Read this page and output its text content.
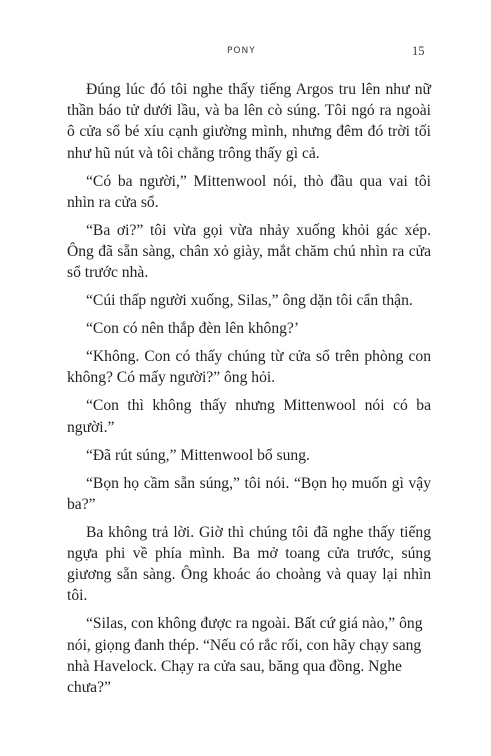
PONY	15

Đúng lúc đó tôi nghe thấy tiếng Argos tru lên như nữ thần báo tử dưới lầu, và ba lên cò súng. Tôi ngó ra ngoài ô cửa sổ bé xíu cạnh giường mình, nhưng đêm đó trời tối như hũ nút và tôi chẳng trông thấy gì cả.

“Có ba người,” Mittenwool nói, thò đầu qua vai tôi nhìn ra cửa sổ.

“Ba ơi?” tôi vừa gọi vừa nhảy xuống khỏi gác xép. Ông đã sẵn sàng, chân xỏ giày, mắt chăm chú nhìn ra cửa sổ trước nhà.

“Cúi thấp người xuống, Silas,” ông dặn tôi cẩn thận.

“Con có nên thắp đèn lên không?’

“Không. Con có thấy chúng từ cửa sổ trên phòng con không? Có mấy người?” ông hỏi.

“Con thì không thấy nhưng Mittenwool nói có ba người.”

“Đã rút súng,” Mittenwool bổ sung.

“Bọn họ cầm sẵn súng,” tôi nói. “Bọn họ muốn gì vậy ba?”

Ba không trả lời. Giờ thì chúng tôi đã nghe thấy tiếng ngựa phi về phía mình. Ba mở toang cửa trước, súng giương sẵn sàng. Ông khoác áo choàng và quay lại nhìn tôi.

“Silas, con không được ra ngoài. Bất cứ giá nào,” ông nói, giọng đanh thép. “Nếu có rắc rối, con hãy chạy sang nhà Havelock. Chạy ra cửa sau, băng qua đồng. Nghe chưa?”
